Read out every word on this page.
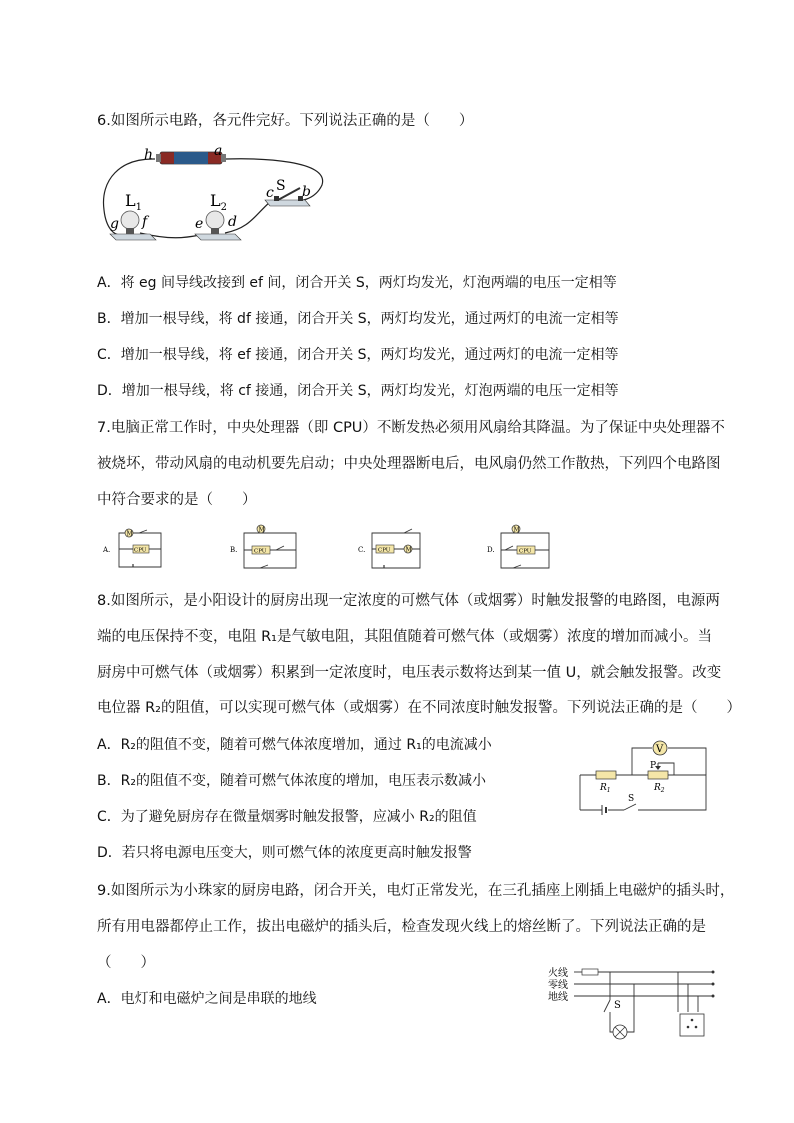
6.如图所示电路，各元件完好。下列说法正确的是（　　）
h	a
c S b
$L_1$
g f
$L_2$
e d
A．将 eg 间导线改接到 ef 间，闭合开关 S，两灯均发光，灯泡两端的电压一定相等
B．增加一根导线，将 df 接通，闭合开关 S，两灯均发光，通过两灯的电流一定相等
C．增加一根导线，将 ef 接通，闭合开关 S，两灯均发光，通过两灯的电流一定相等
D．增加一根导线，将 cf 接通，闭合开关 S，两灯均发光，灯泡两端的电压一定相等
7.电脑正常工作时，中央处理器（即 CPU）不断发热必须用风扇给其降温。为了保证中央处理器不
被烧坏，带动风扇的电动机要先启动；中央处理器断电后，电风扇仍然工作散热，下列四个电路图
中符合要求的是（　　）
A.
M
CPU	B.
M
CPU	C. CPU	M	D.
M
CPU
8.如图所示，是小阳设计的厨房出现一定浓度的可燃气体（或烟雾）时触发报警的电路图，电源两
端的电压保持不变，电阻 R₁是气敏电阻，其阻值随着可燃气体（或烟雾）浓度的增加而减小。当
厨房中可燃气体（或烟雾）积累到一定浓度时，电压表示数将达到某一值 U，就会触发报警。改变
电位器 R₂的阻值，可以实现可燃气体（或烟雾）在不同浓度时触发报警。下列说法正确的是（　　）
A．R₂的阻值不变，随着可燃气体浓度增加，通过 R₁的电流减小
B．R₂的阻值不变，随着可燃气体浓度的增加，电压表示数减小
C．为了避免厨房存在微量烟雾时触发报警，应减小 R₂的阻值
D．若只将电源电压变大，则可燃气体的浓度更高时触发报警
V
P
$R_1$	$R_2$
S
9.如图所示为小珠家的厨房电路，闭合开关，电灯正常发光，在三孔插座上刚插上电磁炉的插头时，
所有用电器都停止工作，拔出电磁炉的插头后，检查发现火线上的熔丝断了。下列说法正确的是
（　　）
A．电灯和电磁炉之间是串联的地线
火线
零线
地线
S
